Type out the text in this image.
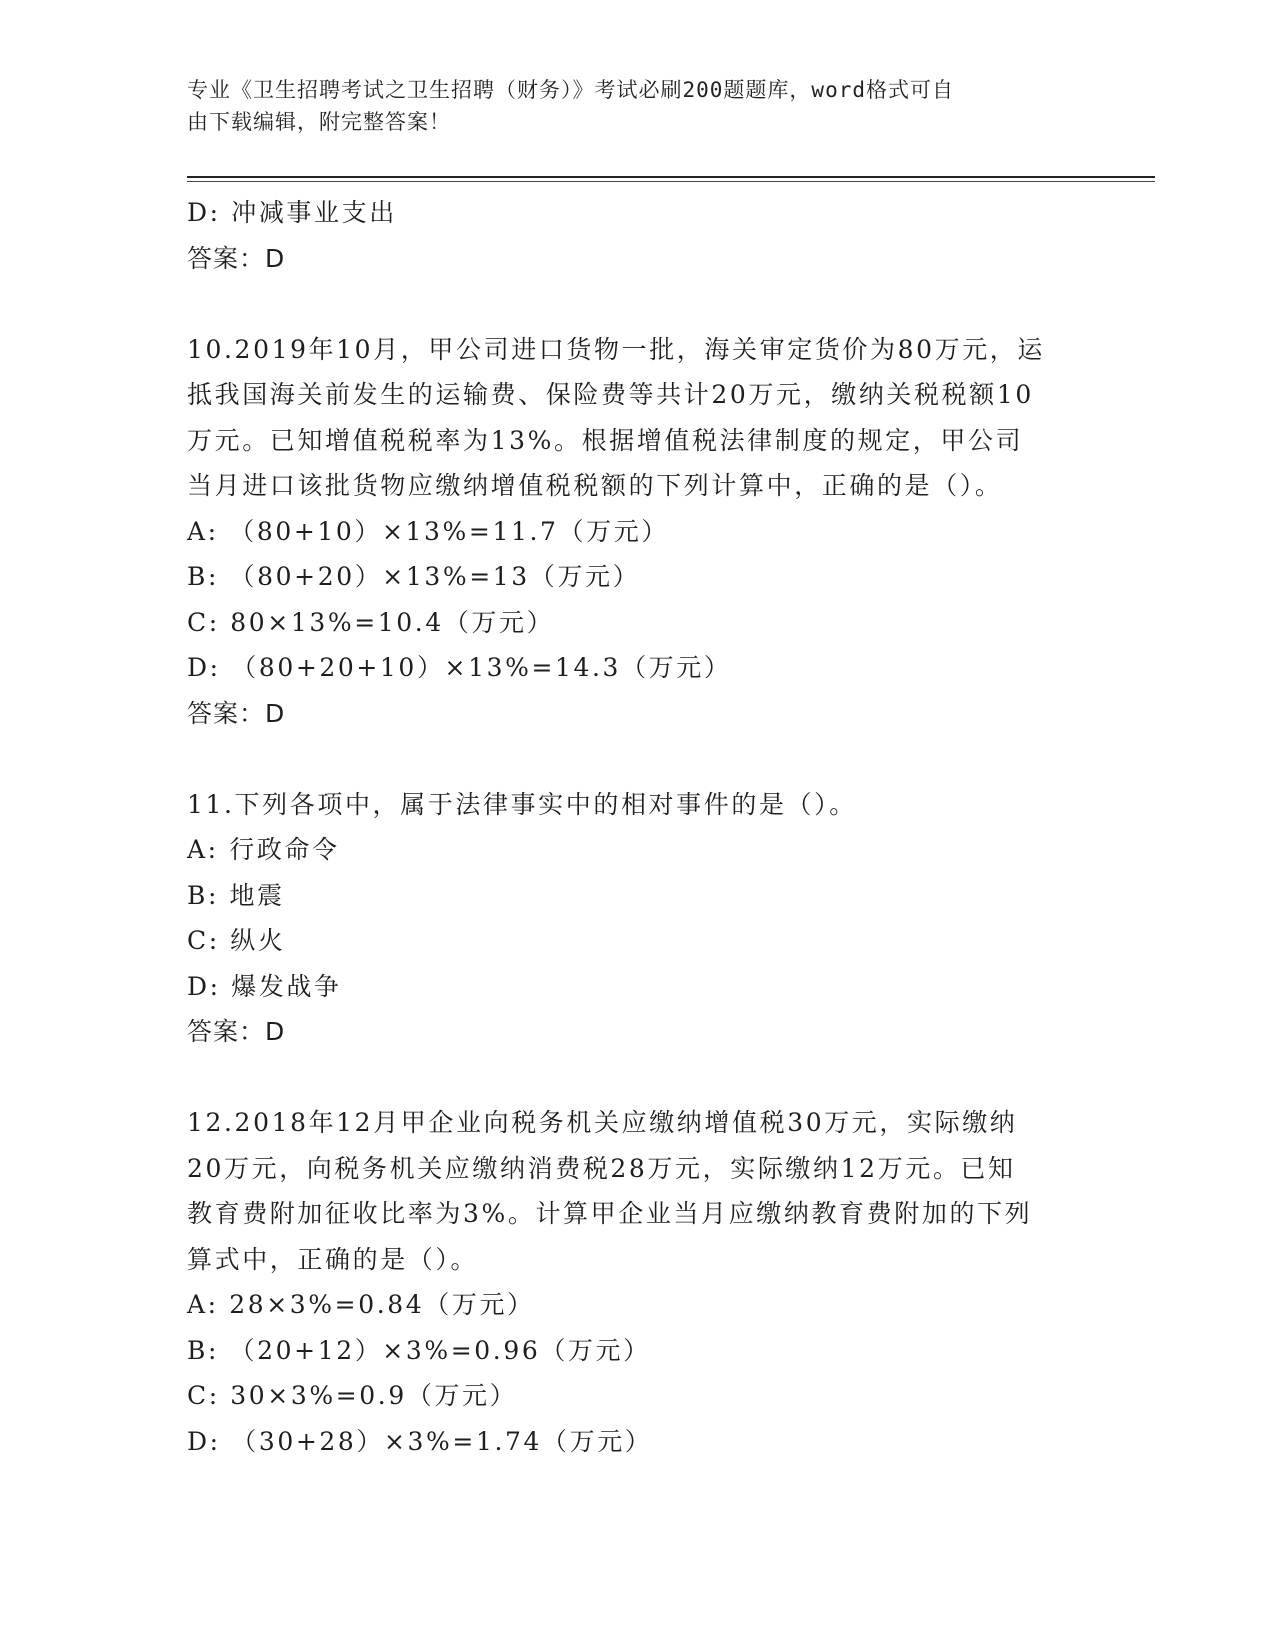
专业《卫生招聘考试之卫生招聘（财务）》考试必刷200题题库，word格式可自
由下载编辑，附完整答案！
D: 冲减事业支出
答案：D
10.2019年10月，甲公司进口货物一批，海关审定货价为80万元，运
抵我国海关前发生的运输费、保险费等共计20万元，缴纳关税税额10
万元。已知增值税税率为13%。根据增值税法律制度的规定，甲公司
当月进口该批货物应缴纳增值税税额的下列计算中，正确的是（）。
A: （80+10）×13%=11.7（万元）
B: （80+20）×13%=13（万元）
C: 80×13%=10.4（万元）
D: （80+20+10）×13%=14.3（万元）
答案：D
11.下列各项中，属于法律事实中的相对事件的是（）。
A: 行政命令
B: 地震
C: 纵火
D: 爆发战争
答案：D
12.2018年12月甲企业向税务机关应缴纳增值税30万元，实际缴纳
20万元，向税务机关应缴纳消费税28万元，实际缴纳12万元。已知
教育费附加征收比率为3%。计算甲企业当月应缴纳教育费附加的下列
算式中，正确的是（）。
A: 28×3%=0.84（万元）
B: （20+12）×3%=0.96（万元）
C: 30×3%=0.9（万元）
D: （30+28）×3%=1.74（万元）
